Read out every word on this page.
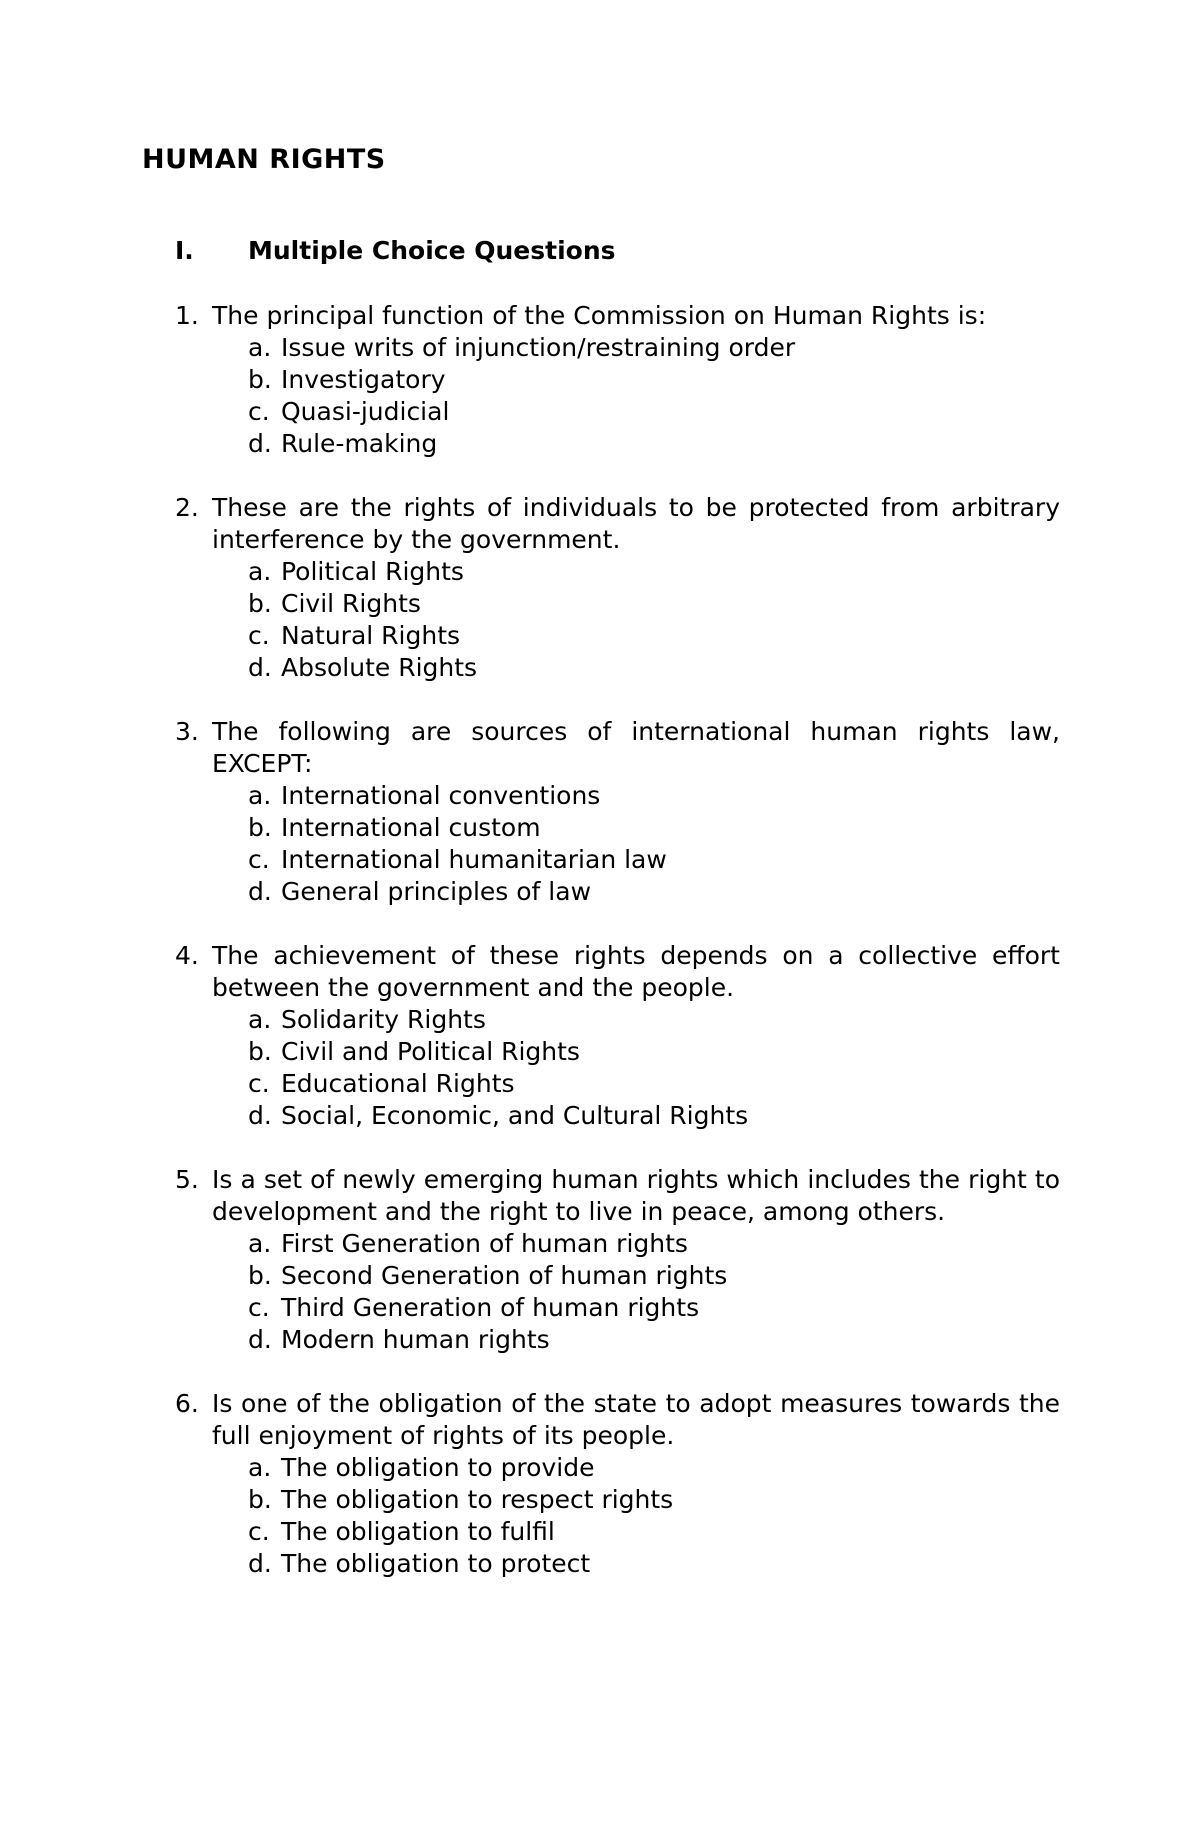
HUMAN RIGHTS
I.	Multiple Choice Questions
1. The principal function of the Commission on Human Rights is:
a. Issue writs of injunction/restraining order
b. Investigatory
c. Quasi-judicial
d. Rule-making
2. These are the rights of individuals to be protected from arbitrary interference by the government.
a. Political Rights
b. Civil Rights
c. Natural Rights
d. Absolute Rights
3. The following are sources of international human rights law, EXCEPT:
a. International conventions
b. International custom
c. International humanitarian law
d. General principles of law
4. The achievement of these rights depends on a collective effort between the government and the people.
a. Solidarity Rights
b. Civil and Political Rights
c. Educational Rights
d. Social, Economic, and Cultural Rights
5. Is a set of newly emerging human rights which includes the right to development and the right to live in peace, among others.
a. First Generation of human rights
b. Second Generation of human rights
c. Third Generation of human rights
d. Modern human rights
6. Is one of the obligation of the state to adopt measures towards the full enjoyment of rights of its people.
a. The obligation to provide
b. The obligation to respect rights
c. The obligation to fulfil
d. The obligation to protect
